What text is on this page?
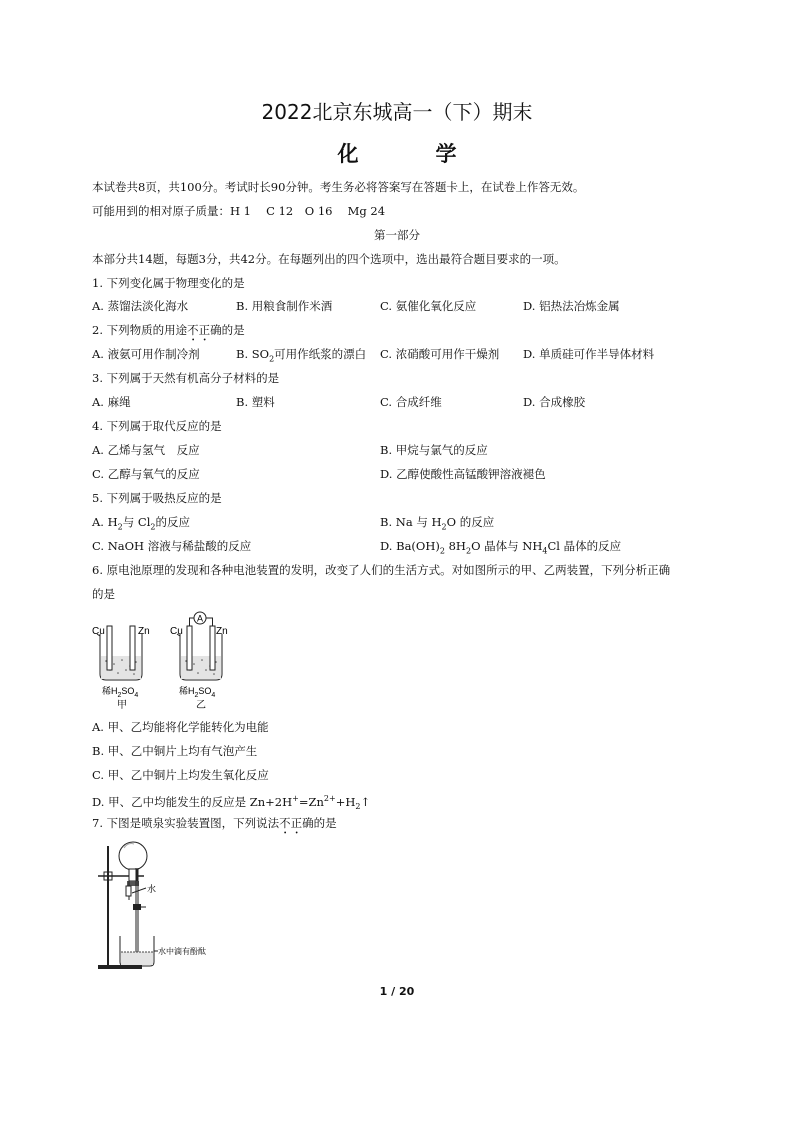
2022北京东城高一（下）期末
化　学
本试卷共8页，共100分。考试时长90分钟。考生务必将答案写在答题卡上，在试卷上作答无效。
可能用到的相对原子质量：H 1　 C 12　O 16　 Mg 24
第一部分
本部分共14题，每题3分，共42分。在每题列出的四个选项中，选出最符合题目要求的一项。
1. 下列变化属于物理变化的是
A. 蒸馏法淡化海水	B. 用粮食制作米酒	C. 氨催化氧化反应	D. 铝热法冶炼金属
2. 下列物质的用途不正确的是
A. 液氨可用作制冷剂	B. $SO_2$可用作纸浆的漂白 C. 浓硝酸可用作干燥剂 D. 单质硅可作半导体材料
3. 下列属于天然有机高分子材料的是
A. 麻绳	B. 塑料	C. 合成纤维	D. 合成橡胶
4. 下列属于取代反应的是
A. 乙烯与氢气　反应	B. 甲烷与氯气的反应
C. 乙醇与氧气的反应	D. 乙醇使酸性高锰酸钾溶液褪色
5. 下列属于吸热反应的是
A. $H_2$与 $Cl_2$的反应	B. Na 与 $H_2O$ 的反应
C. NaOH 溶液与稀盐酸的反应	D. $Ba(OH)_2$ $8H_2O$ 晶体与 $NH_4Cl$ 晶体的反应
6. 原电池原理的发现和各种电池装置的发明，改变了人们的生活方式。对如图所示的甲、乙两装置，下列分析正确
的是
Cu	Zn
稀$H_2SO_4$
甲
A
Cu	Zn
稀$H_2SO_4$
乙
A. 甲、乙均能将化学能转化为电能
B. 甲、乙中铜片上均有气泡产生
C. 甲、乙中铜片上均发生氧化反应
D. 甲、乙中均能发生的反应是 $Zn+2H^+=Zn^{2+}+H_2↑$
7. 下图是喷泉实验装置图，下列说法不正确的是
水
水中滴有酚酞
1 / 20
